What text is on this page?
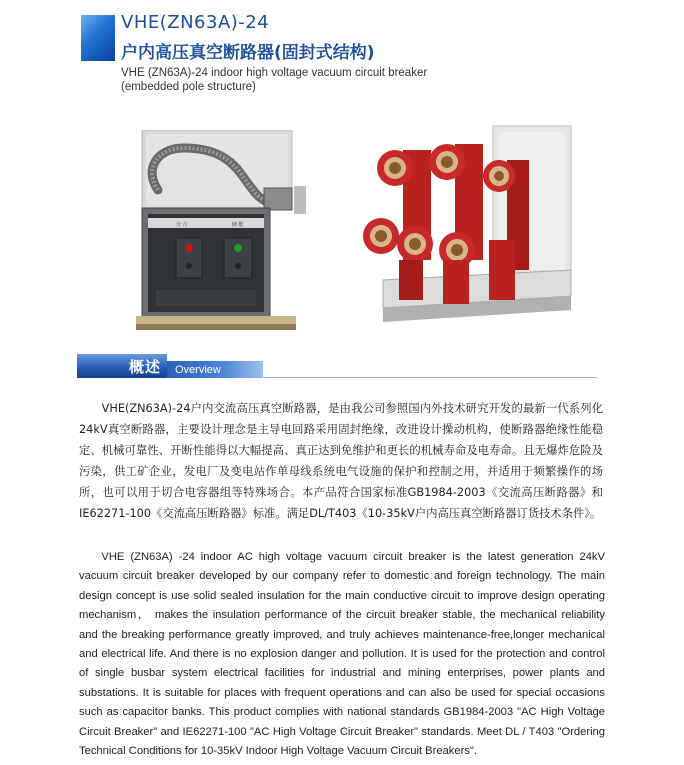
VHE(ZN63A)-24
户内高压真空断路器(固封式结构)
VHE (ZN63A)-24 indoor high voltage vacuum circuit breaker
(embedded pole structure)
分 合	储 能
概述 Overview

VHE(ZN63A)-24户内交流高压真空断路器，是由我公司参照国内外技术研究开发的最新一代系列化24kV真空断路器，主要设计理念是主导电回路采用固封绝缘，改进设计操动机构，使断路器绝缘性能稳定、机械可靠性、开断性能得以大幅提高、真正达到免维护和更长的机械寿命及电寿命。且无爆炸危险及污染，供工矿企业，发电厂及变电站作单母线系统电气设施的保护和控制之用，并适用于频繁操作的场所，也可以用于切合电容器组等特殊场合。本产品符合国家标准GB1984-2003《交流高压断路器》和IE62271-100《交流高压断路器》标准。满足DL/T403《10-35kV户内高压真空断路器订货技术条件》。

VHE (ZN63A) -24 indoor AC high voltage vacuum circuit breaker is the latest generation 24kV vacuum circuit breaker developed by our company refer to domestic and foreign technology. The main design concept is use solid sealed insulation for the main conductive circuit to improve design operating mechanism， makes the insulation performance of the circuit breaker stable, the mechanical reliability and the breaking performance greatly improved, and truly achieves maintenance-free,longer mechanical and electrical life. And there is no explosion danger and pollution. It is used for the protection and control of single busbar system electrical facilities for industrial and mining enterprises, power plants and substations. It is suitable for places with frequent operations and can also be used for special occasions such as capacitor banks. This product complies with national standards GB1984-2003 "AC High Voltage Circuit Breaker" and IE62271-100 "AC High Voltage Circuit Breaker" standards. Meet DL / T403 "Ordering Technical Conditions for 10-35kV Indoor High Voltage Vacuum Circuit Breakers".
